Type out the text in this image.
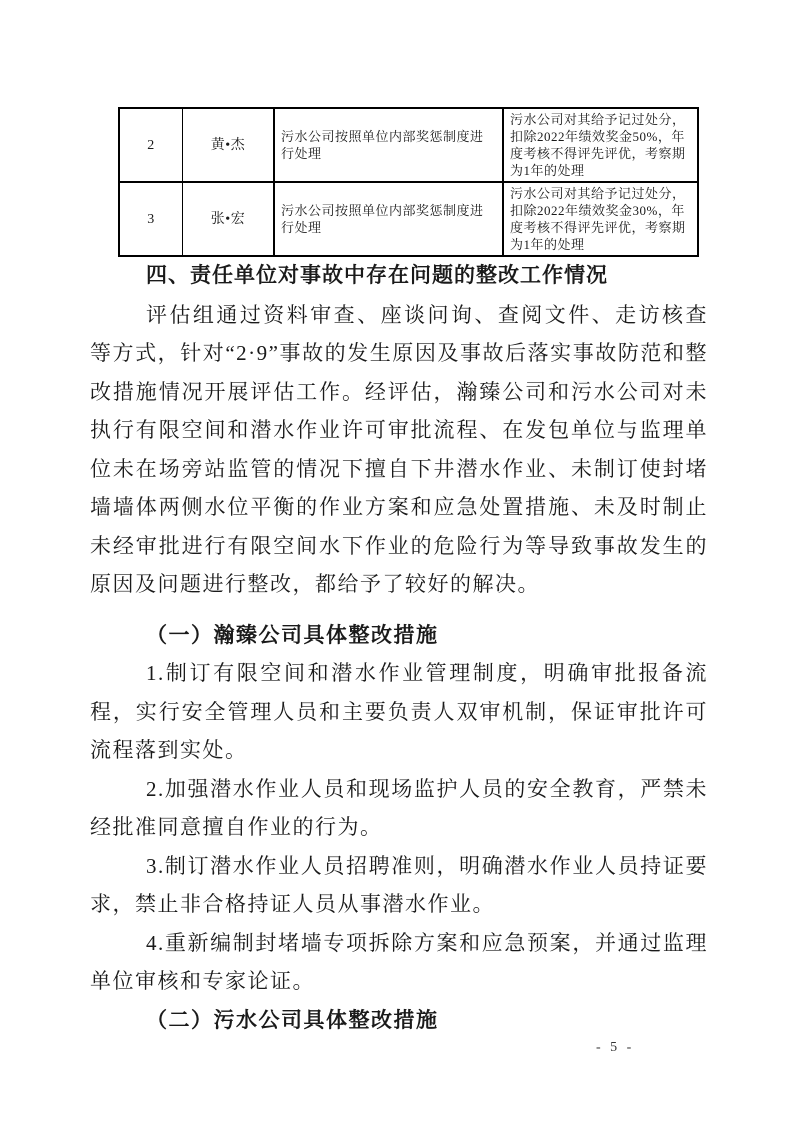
2	黄•杰	污水公司按照单位内部奖惩制度进行处理	污水公司对其给予记过处分，扣除2022年绩效奖金50%，年度考核不得评先评优，考察期为1年的处理
3	张•宏	污水公司按照单位内部奖惩制度进行处理	污水公司对其给予记过处分，扣除2022年绩效奖金30%，年度考核不得评先评优，考察期为1年的处理

四、责任单位对事故中存在问题的整改工作情况

评估组通过资料审查、座谈问询、查阅文件、走访核查等方式，针对“2·9”事故的发生原因及事故后落实事故防范和整改措施情况开展评估工作。经评估，瀚臻公司和污水公司对未执行有限空间和潜水作业许可审批流程、在发包单位与监理单位未在场旁站监管的情况下擅自下井潜水作业、未制订使封堵墙墙体两侧水位平衡的作业方案和应急处置措施、未及时制止未经审批进行有限空间水下作业的危险行为等导致事故发生的原因及问题进行整改，都给予了较好的解决。

（一）瀚臻公司具体整改措施

1.制订有限空间和潜水作业管理制度，明确审批报备流程，实行安全管理人员和主要负责人双审机制，保证审批许可流程落到实处。

2.加强潜水作业人员和现场监护人员的安全教育，严禁未经批准同意擅自作业的行为。

3.制订潜水作业人员招聘准则，明确潜水作业人员持证要求，禁止非合格持证人员从事潜水作业。

4.重新编制封堵墙专项拆除方案和应急预案，并通过监理单位审核和专家论证。

（二）污水公司具体整改措施

- 5 -
